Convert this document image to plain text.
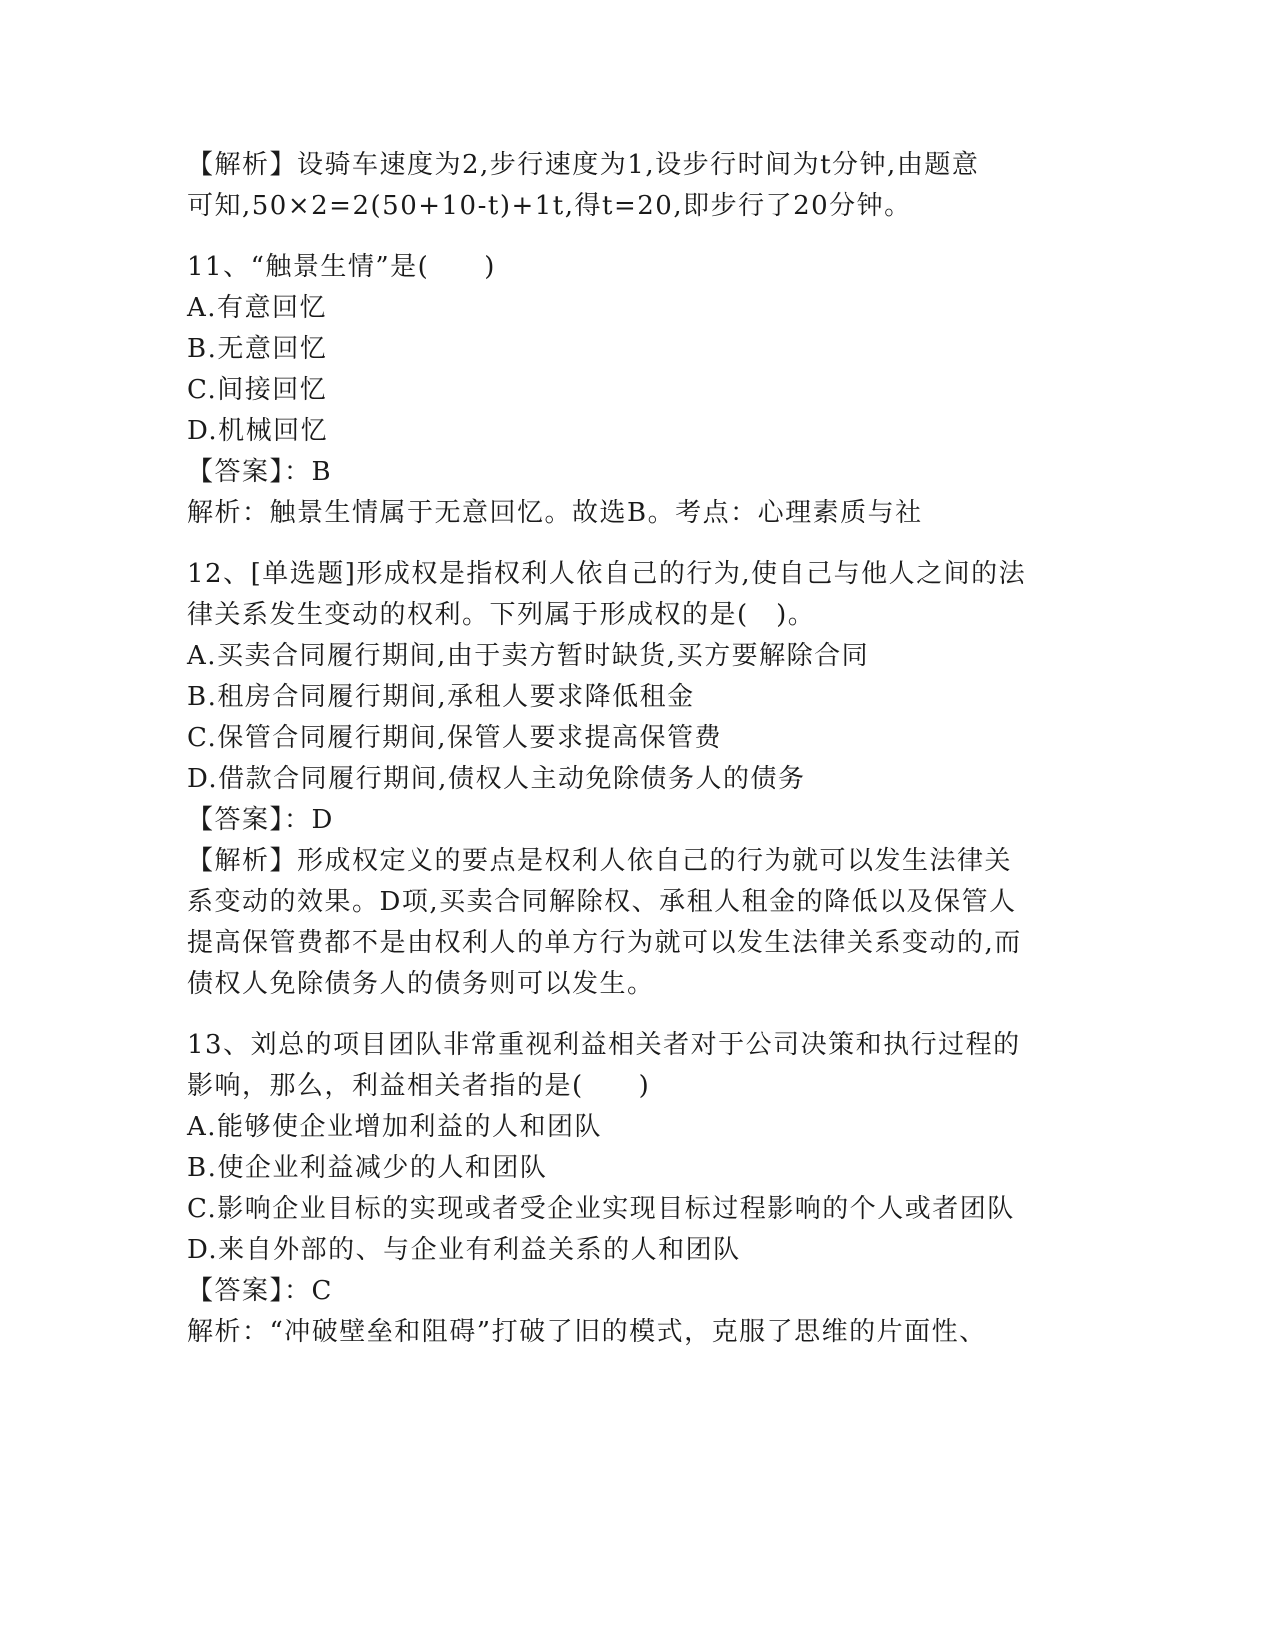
【解析】设骑车速度为2,步行速度为1,设步行时间为t分钟,由题意
可知,50×2=2(50+10-t)+1t,得t=20,即步行了20分钟。
11、“触景生情”是(　　)
A.有意回忆
B.无意回忆
C.间接回忆
D.机械回忆
【答案】：B
解析：触景生情属于无意回忆。故选B。考点：心理素质与社
12、[单选题]形成权是指权利人依自己的行为,使自己与他人之间的法
律关系发生变动的权利。下列属于形成权的是(　)。
A.买卖合同履行期间,由于卖方暂时缺货,买方要解除合同
B.租房合同履行期间,承租人要求降低租金
C.保管合同履行期间,保管人要求提高保管费
D.借款合同履行期间,债权人主动免除债务人的债务
【答案】：D
【解析】形成权定义的要点是权利人依自己的行为就可以发生法律关
系变动的效果。D项,买卖合同解除权、承租人租金的降低以及保管人
提高保管费都不是由权利人的单方行为就可以发生法律关系变动的,而
债权人免除债务人的债务则可以发生。
13、刘总的项目团队非常重视利益相关者对于公司决策和执行过程的
影响，那么，利益相关者指的是(　　)
A.能够使企业增加利益的人和团队
B.使企业利益减少的人和团队
C.影响企业目标的实现或者受企业实现目标过程影响的个人或者团队
D.来自外部的、与企业有利益关系的人和团队
【答案】：C
解析：“冲破壁垒和阻碍”打破了旧的模式，克服了思维的片面性、
